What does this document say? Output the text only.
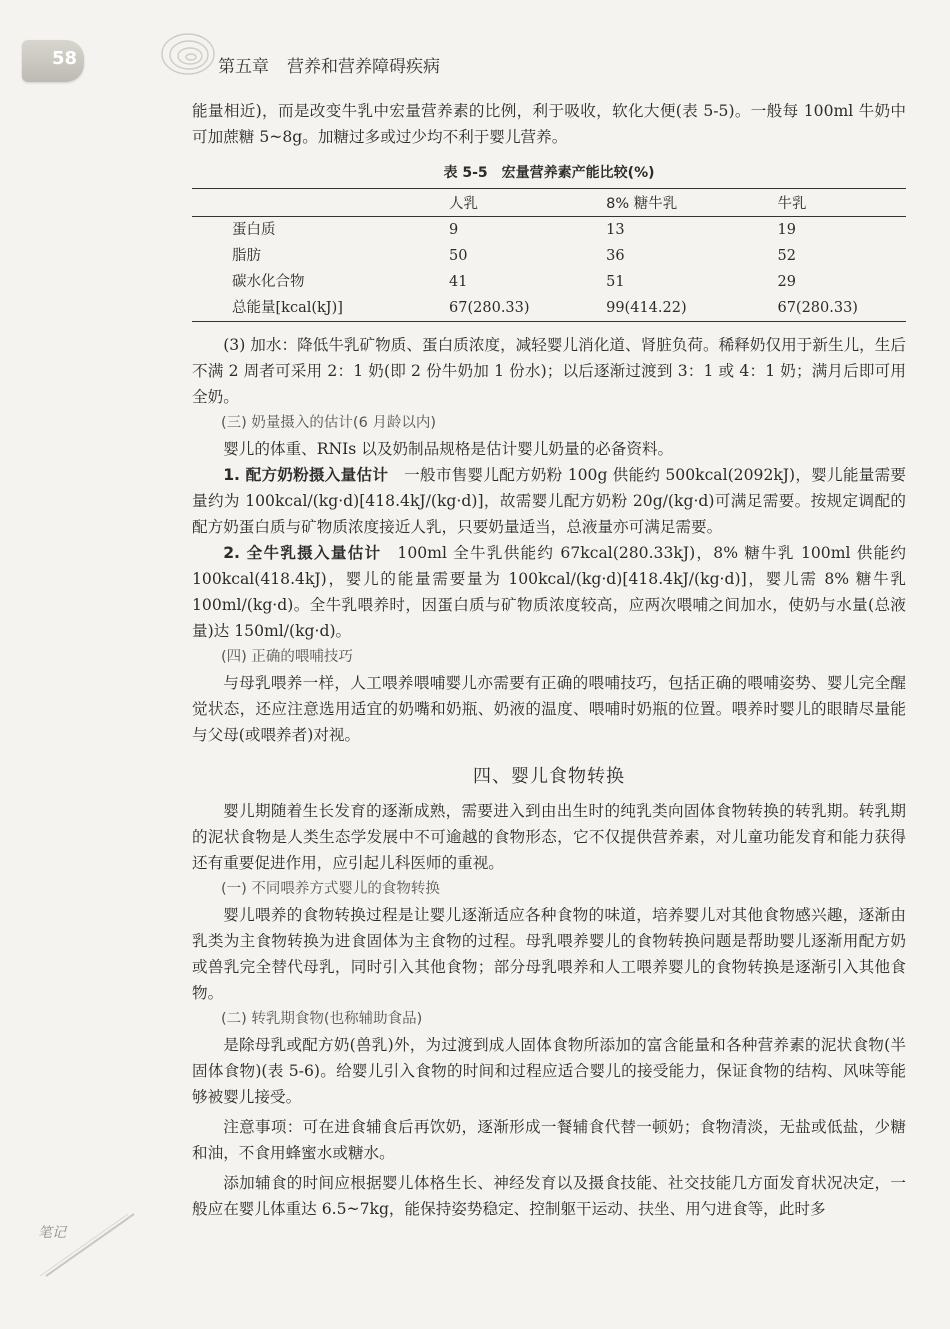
58	第五章 营养和营养障碍疾病

能量相近)，而是改变牛乳中宏量营养素的比例，利于吸收，软化大便(表 5-5)。一般每 100ml 牛奶中可加蔗糖 5~8g。加糖过多或过少均不利于婴儿营养。

表 5-5　宏量营养素产能比较(%)
	人乳	8% 糖牛乳	牛乳
蛋白质	9	13	19
脂肪	50	36	52
碳水化合物	41	51	29
总能量[kcal(kJ)]	67(280.33)	99(414.22)	67(280.33)

(3) 加水：降低牛乳矿物质、蛋白质浓度，减轻婴儿消化道、肾脏负荷。稀释奶仅用于新生儿，生后不满 2 周者可采用 2：1 奶(即 2 份牛奶加 1 份水)；以后逐渐过渡到 3：1 或 4：1 奶；满月后即可用全奶。

(三) 奶量摄入的估计(6 月龄以内)

婴儿的体重、RNIs 以及奶制品规格是估计婴儿奶量的必备资料。

1. 配方奶粉摄入量估计 一般市售婴儿配方奶粉 100g 供能约 500kcal(2092kJ)，婴儿能量需要量约为 100kcal/(kg·d)[418.4kJ/(kg·d)]，故需婴儿配方奶粉 20g/(kg·d)可满足需要。按规定调配的配方奶蛋白质与矿物质浓度接近人乳，只要奶量适当，总液量亦可满足需要。

2. 全牛乳摄入量估计 100ml 全牛乳供能约 67kcal(280.33kJ)，8% 糖牛乳 100ml 供能约 100kcal(418.4kJ)，婴儿的能量需要量为 100kcal/(kg·d)[418.4kJ/(kg·d)]，婴儿需 8% 糖牛乳 100ml/(kg·d)。全牛乳喂养时，因蛋白质与矿物质浓度较高，应两次喂哺之间加水，使奶与水量(总液量)达 150ml/(kg·d)。

(四) 正确的喂哺技巧

与母乳喂养一样，人工喂养喂哺婴儿亦需要有正确的喂哺技巧，包括正确的喂哺姿势、婴儿完全醒觉状态，还应注意选用适宜的奶嘴和奶瓶、奶液的温度、喂哺时奶瓶的位置。喂养时婴儿的眼睛尽量能与父母(或喂养者)对视。

四、婴儿食物转换

婴儿期随着生长发育的逐渐成熟，需要进入到由出生时的纯乳类向固体食物转换的转乳期。转乳期的泥状食物是人类生态学发展中不可逾越的食物形态，它不仅提供营养素，对儿童功能发育和能力获得还有重要促进作用，应引起儿科医师的重视。

(一) 不同喂养方式婴儿的食物转换

婴儿喂养的食物转换过程是让婴儿逐渐适应各种食物的味道，培养婴儿对其他食物感兴趣，逐渐由乳类为主食物转换为进食固体为主食物的过程。母乳喂养婴儿的食物转换问题是帮助婴儿逐渐用配方奶或兽乳完全替代母乳，同时引入其他食物；部分母乳喂养和人工喂养婴儿的食物转换是逐渐引入其他食物。

(二) 转乳期食物(也称辅助食品)

是除母乳或配方奶(兽乳)外，为过渡到成人固体食物所添加的富含能量和各种营养素的泥状食物(半固体食物)(表 5-6)。给婴儿引入食物的时间和过程应适合婴儿的接受能力，保证食物的结构、风味等能够被婴儿接受。

注意事项：可在进食辅食后再饮奶，逐渐形成一餐辅食代替一顿奶；食物清淡，无盐或低盐，少糖和油，不食用蜂蜜水或糖水。

添加辅食的时间应根据婴儿体格生长、神经发育以及摄食技能、社交技能几方面发育状况决定，一般应在婴儿体重达 6.5~7kg，能保持姿势稳定、控制躯干运动、扶坐、用勺进食等，此时多

笔记
